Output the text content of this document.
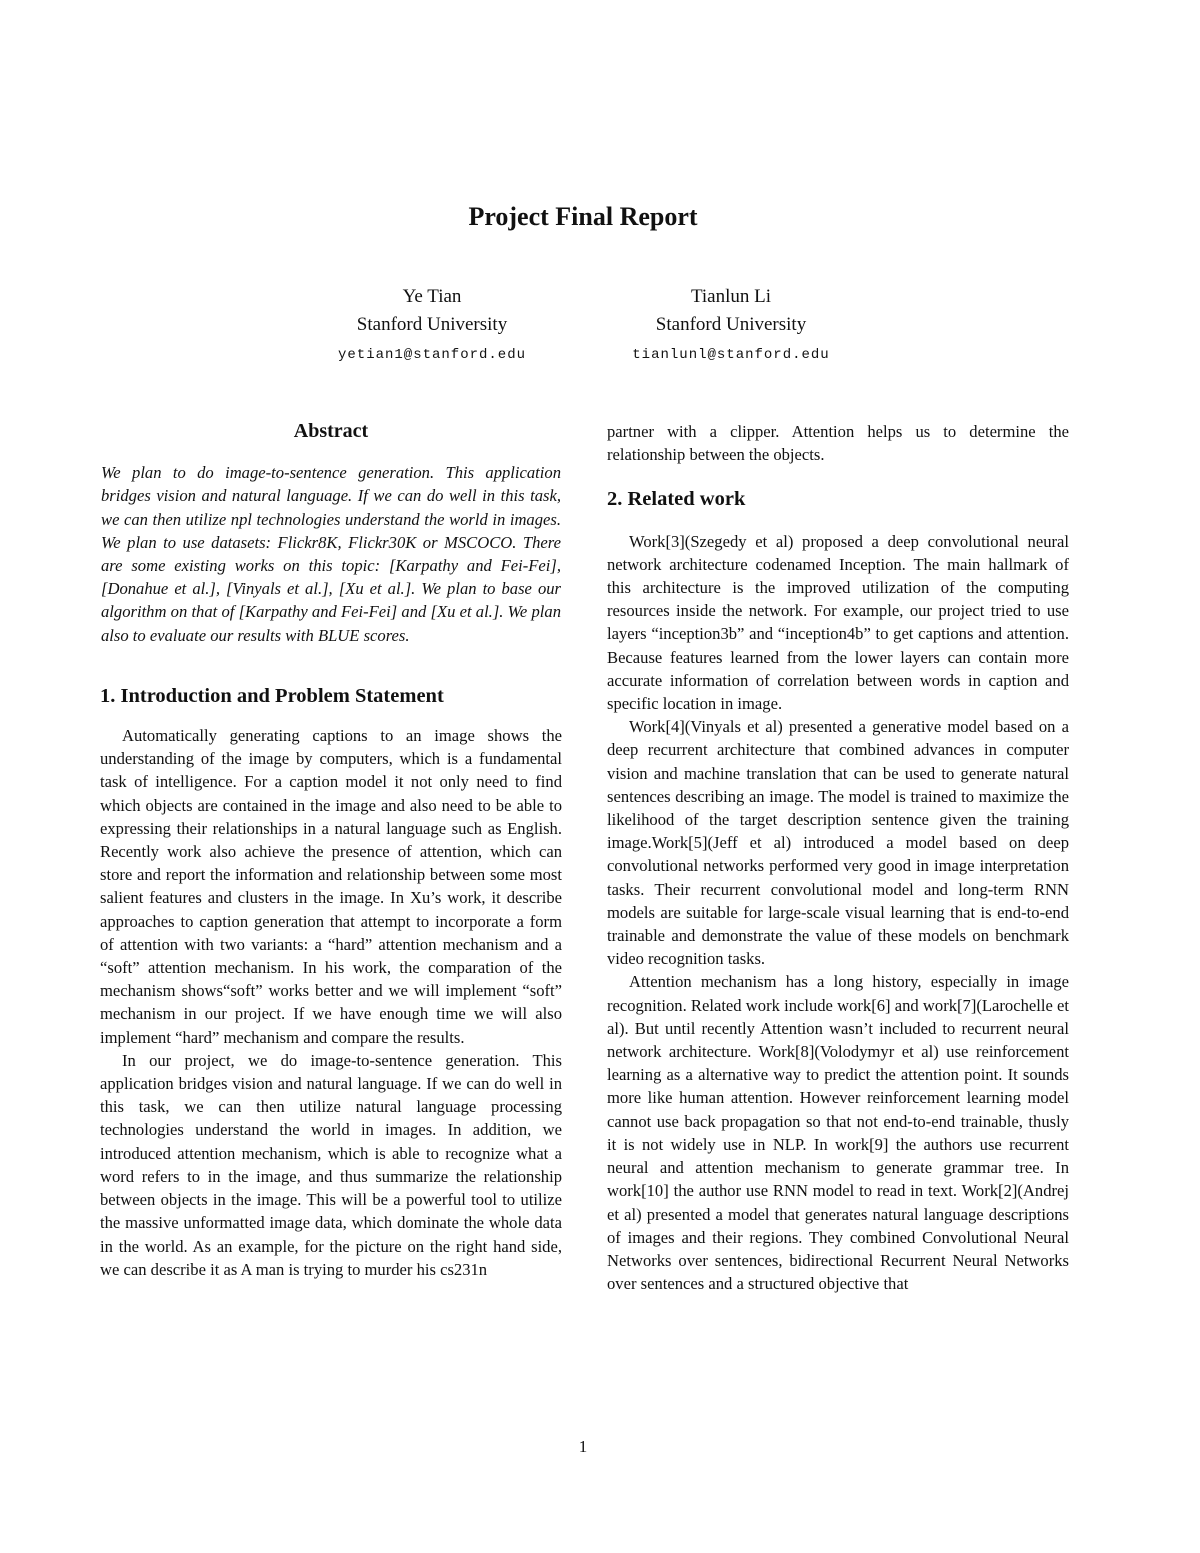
Project Final Report
Ye Tian
Stanford University
yetian1@stanford.edu
Tianlun Li
Stanford University
tianlunl@stanford.edu
Abstract

We plan to do image-to-sentence generation. This application bridges vision and natural language. If we can do well in this task, we can then utilize npl technologies understand the world in images. We plan to use datasets: Flickr8K, Flickr30K or MSCOCO. There are some existing works on this topic: [Karpathy and Fei-Fei], [Donahue et al.], [Vinyals et al.], [Xu et al.]. We plan to base our algorithm on that of [Karpathy and Fei-Fei] and [Xu et al.]. We plan also to evaluate our results with BLUE scores.

1. Introduction and Problem Statement

Automatically generating captions to an image shows the understanding of the image by computers, which is a fundamental task of intelligence. For a caption model it not only need to find which objects are contained in the image and also need to be able to expressing their relationships in a natural language such as English. Recently work also achieve the presence of attention, which can store and report the information and relationship between some most salient features and clusters in the image. In Xu’s work, it describe approaches to caption generation that attempt to incorporate a form of attention with two variants: a “hard” attention mechanism and a “soft” attention mechanism. In his work, the comparation of the mechanism shows“soft” works better and we will implement “soft” mechanism in our project. If we have enough time we will also implement “hard” mechanism and compare the results.

In our project, we do image-to-sentence generation. This application bridges vision and natural language. If we can do well in this task, we can then utilize natural language processing technologies understand the world in images. In addition, we introduced attention mechanism, which is able to recognize what a word refers to in the image, and thus summarize the relationship between objects in the image. This will be a powerful tool to utilize the massive unformatted image data, which dominate the whole data in the world. As an example, for the picture on the right hand side, we can describe it as A man is trying to murder his cs231n

partner with a clipper. Attention helps us to determine the relationship between the objects.

2. Related work

Work[3](Szegedy et al) proposed a deep convolutional neural network architecture codenamed Inception. The main hallmark of this architecture is the improved utilization of the computing resources inside the network. For example, our project tried to use layers “inception3b” and “inception4b” to get captions and attention. Because features learned from the lower layers can contain more accurate information of correlation between words in caption and specific location in image.

Work[4](Vinyals et al) presented a generative model based on a deep recurrent architecture that combined advances in computer vision and machine translation that can be used to generate natural sentences describing an image. The model is trained to maximize the likelihood of the target description sentence given the training image.Work[5](Jeff et al) introduced a model based on deep convolutional networks performed very good in image interpretation tasks. Their recurrent convolutional model and long-term RNN models are suitable for large-scale visual learning that is end-to-end trainable and demonstrate the value of these models on benchmark video recognition tasks.

Attention mechanism has a long history, especially in image recognition. Related work include work[6] and work[7](Larochelle et al). But until recently Attention wasn’t included to recurrent neural network architecture. Work[8](Volodymyr et al) use reinforcement learning as a alternative way to predict the attention point. It sounds more like human attention. However reinforcement learning model cannot use back propagation so that not end-to-end trainable, thusly it is not widely use in NLP. In work[9] the authors use recurrent neural and attention mechanism to generate grammar tree. In work[10] the author use RNN model to read in text. Work[2](Andrej et al) presented a model that generates natural language descriptions of images and their regions. They combined Convolutional Neural Networks over sentences, bidirectional Recurrent Neural Networks over sentences and a structured objective that

1
